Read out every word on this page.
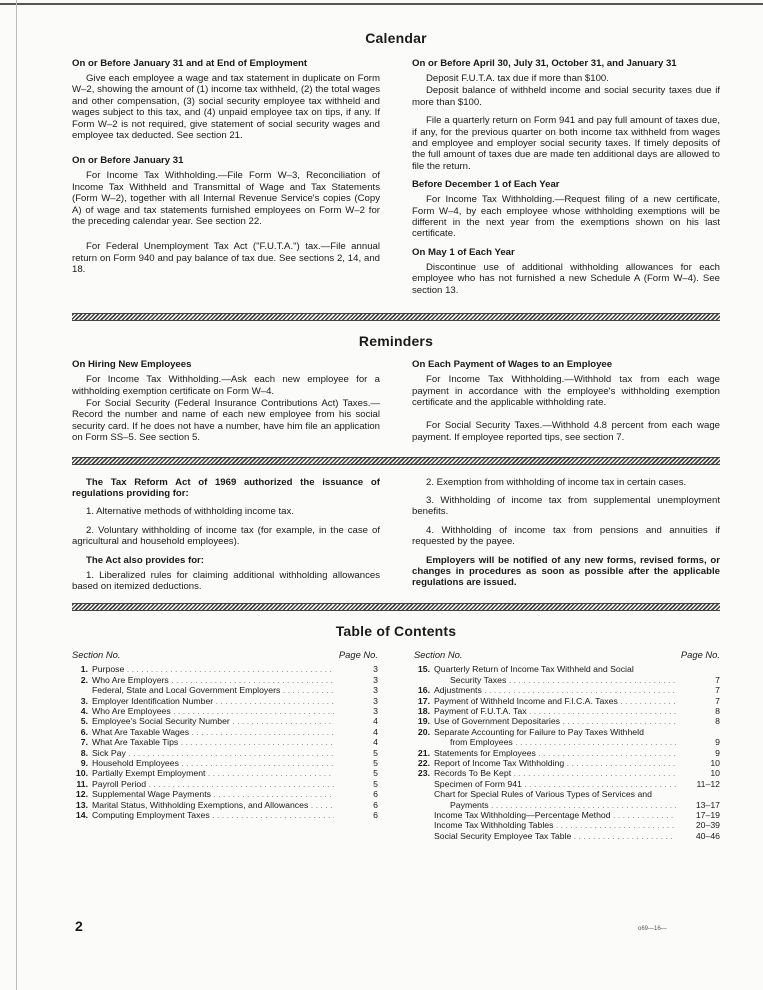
Calendar
On or Before January 31 and at End of Employment

Give each employee a wage and tax statement in duplicate on Form W–2, showing the amount of (1) income tax withheld, (2) the total wages and other compensation, (3) social security employee tax withheld and wages subject to this tax, and (4) unpaid employee tax on tips, if any. If Form W–2 is not required, give statement of social security wages and employee tax deducted. See section 21.

On or Before January 31

For Income Tax Withholding.—File Form W–3, Reconciliation of Income Tax Withheld and Transmittal of Wage and Tax Statements (Form W–2), together with all Internal Revenue Service's copies (Copy A) of wage and tax statements furnished employees on Form W–2 for the preceding calendar year. See section 22.

For Federal Unemployment Tax Act ("F.U.T.A.") tax.—File annual return on Form 940 and pay balance of tax due. See sections 2, 14, and 18.

On or Before April 30, July 31, October 31, and January 31

Deposit F.U.T.A. tax due if more than $100.

Deposit balance of withheld income and social security taxes due if more than $100.

File a quarterly return on Form 941 and pay full amount of taxes due, if any, for the previous quarter on both income tax withheld from wages and employee and employer social security taxes. If timely deposits of the full amount of taxes due are made ten additional days are allowed to file the return.

Before December 1 of Each Year

For Income Tax Withholding.—Request filing of a new certificate, Form W–4, by each employee whose withholding exemptions will be different in the next year from the exemptions shown on his last certificate.

On May 1 of Each Year

Discontinue use of additional withholding allowances for each employee who has not furnished a new Schedule A (Form W–4). See section 13.

Reminders
On Hiring New Employees

For Income Tax Withholding.—Ask each new employee for a withholding exemption certificate on Form W–4.

For Social Security (Federal Insurance Contributions Act) Taxes.—Record the number and name of each new employee from his social security card. If he does not have a number, have him file an application on Form SS–5. See section 5.

On Each Payment of Wages to an Employee

For Income Tax Withholding.—Withhold tax from each wage payment in accordance with the employee's withholding exemption certificate and the applicable withholding rate.

For Social Security Taxes.—Withhold 4.8 percent from each wage payment. If employee reported tips, see section 7.

The Tax Reform Act of 1969 authorized the issuance of regulations providing for:

1. Alternative methods of withholding income tax.

2. Voluntary withholding of income tax (for example, in the case of agricultural and household employees).

The Act also provides for:

1. Liberalized rules for claiming additional withholding allowances based on itemized deductions.

2. Exemption from withholding of income tax in certain cases.

3. Withholding of income tax from supplemental unemployment benefits.

4. Withholding of income tax from pensions and annuities if requested by the payee.

Employers will be notified of any new forms, revised forms, or changes in procedures as soon as possible after the applicable regulations are issued.

Table of Contents
Section No.	Page No.
1. Purpose . . .	3
2. Who Are Employers . . .	3
Federal, State and Local Government Employers . . .	3
3. Employer Identification Number . . .	3
4. Who Are Employees . . .	3
5. Employee's Social Security Number . . .	4
6. What Are Taxable Wages . . .	4
7. What Are Taxable Tips . . .	4
8. Sick Pay . . .	5
9. Household Employees . . .	5
10. Partially Exempt Employment . . .	5
11. Payroll Period . . .	5
12. Supplemental Wage Payments . . .	6
13. Marital Status, Withholding Exemptions, and Allowances . . .	6
14. Computing Employment Taxes . . .	6
Section No.	Page No.
15. Quarterly Return of Income Tax Withheld and Social
Security Taxes . . .	7
16. Adjustments . . .	7
17. Payment of Withheld Income and F.I.C.A. Taxes . . .	7
18. Payment of F.U.T.A. Tax . . .	8
19. Use of Government Depositaries . . .	8
20. Separate Accounting for Failure to Pay Taxes Withheld
from Employees . . .	9
21. Statements for Employees . . .	9
22. Report of Income Tax Withholding . . .	10
23. Records To Be Kept . . .	10
Specimen of Form 941 . . .	11–12
Chart for Special Rules of Various Types of Services and
Payments . . .	13–17
Income Tax Withholding—Percentage Method . . .	17–19
Income Tax Withholding Tables . . .	20–39
Social Security Employee Tax Table . . .	40–46
2	o69—16—
